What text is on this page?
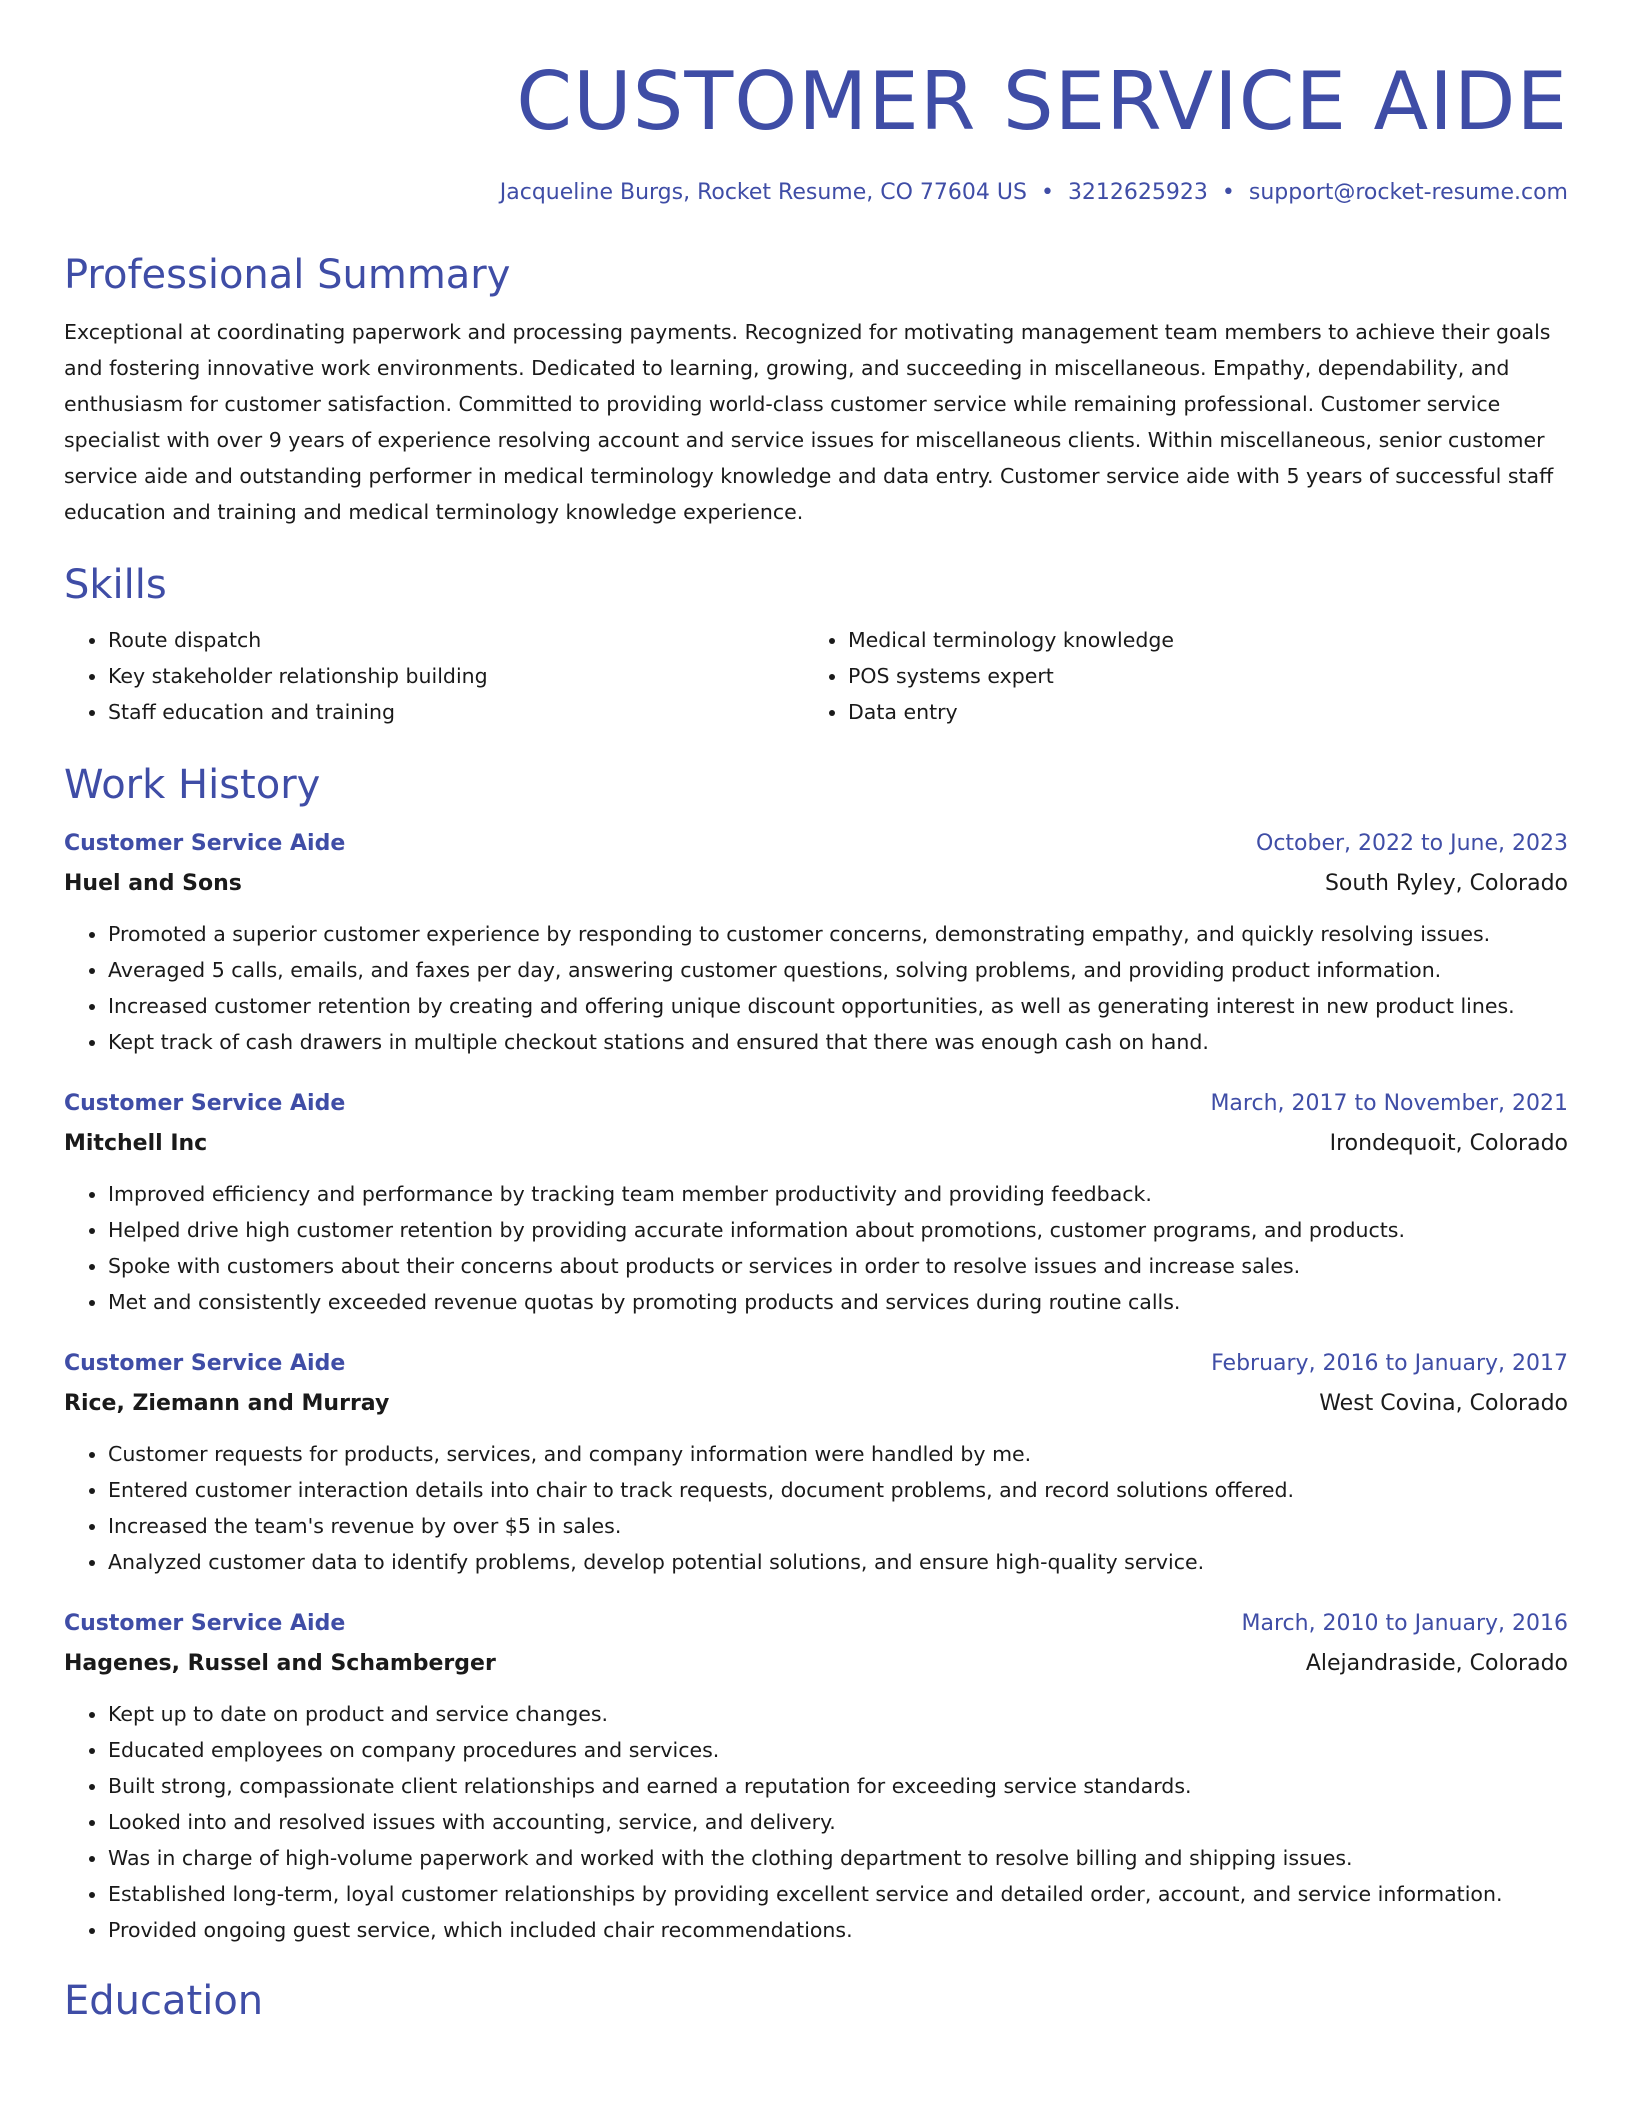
CUSTOMER SERVICE AIDE
Jacqueline Burgs, Rocket Resume, CO 77604 US • 3212625923 • support@rocket-resume.com
Professional Summary
Exceptional at coordinating paperwork and processing payments. Recognized for motivating management team members to achieve their goals and fostering innovative work environments. Dedicated to learning, growing, and succeeding in miscellaneous. Empathy, dependability, and enthusiasm for customer satisfaction. Committed to providing world-class customer service while remaining professional. Customer service specialist with over 9 years of experience resolving account and service issues for miscellaneous clients. Within miscellaneous, senior customer service aide and outstanding performer in medical terminology knowledge and data entry. Customer service aide with 5 years of successful staff education and training and medical terminology knowledge experience.
Skills
• Route dispatch
• Key stakeholder relationship building
• Staff education and training
• Medical terminology knowledge
• POS systems expert
• Data entry
Work History
Customer Service Aide	October, 2022 to June, 2023
Huel and Sons	South Ryley, Colorado
• Promoted a superior customer experience by responding to customer concerns, demonstrating empathy, and quickly resolving issues.
• Averaged 5 calls, emails, and faxes per day, answering customer questions, solving problems, and providing product information.
• Increased customer retention by creating and offering unique discount opportunities, as well as generating interest in new product lines.
• Kept track of cash drawers in multiple checkout stations and ensured that there was enough cash on hand.
Customer Service Aide	March, 2017 to November, 2021
Mitchell Inc	Irondequoit, Colorado
• Improved efficiency and performance by tracking team member productivity and providing feedback.
• Helped drive high customer retention by providing accurate information about promotions, customer programs, and products.
• Spoke with customers about their concerns about products or services in order to resolve issues and increase sales.
• Met and consistently exceeded revenue quotas by promoting products and services during routine calls.
Customer Service Aide	February, 2016 to January, 2017
Rice, Ziemann and Murray	West Covina, Colorado
• Customer requests for products, services, and company information were handled by me.
• Entered customer interaction details into chair to track requests, document problems, and record solutions offered.
• Increased the team's revenue by over $5 in sales.
• Analyzed customer data to identify problems, develop potential solutions, and ensure high-quality service.
Customer Service Aide	March, 2010 to January, 2016
Hagenes, Russel and Schamberger	Alejandraside, Colorado
• Kept up to date on product and service changes.
• Educated employees on company procedures and services.
• Built strong, compassionate client relationships and earned a reputation for exceeding service standards.
• Looked into and resolved issues with accounting, service, and delivery.
• Was in charge of high-volume paperwork and worked with the clothing department to resolve billing and shipping issues.
• Established long-term, loyal customer relationships by providing excellent service and detailed order, account, and service information.
• Provided ongoing guest service, which included chair recommendations.
Education
